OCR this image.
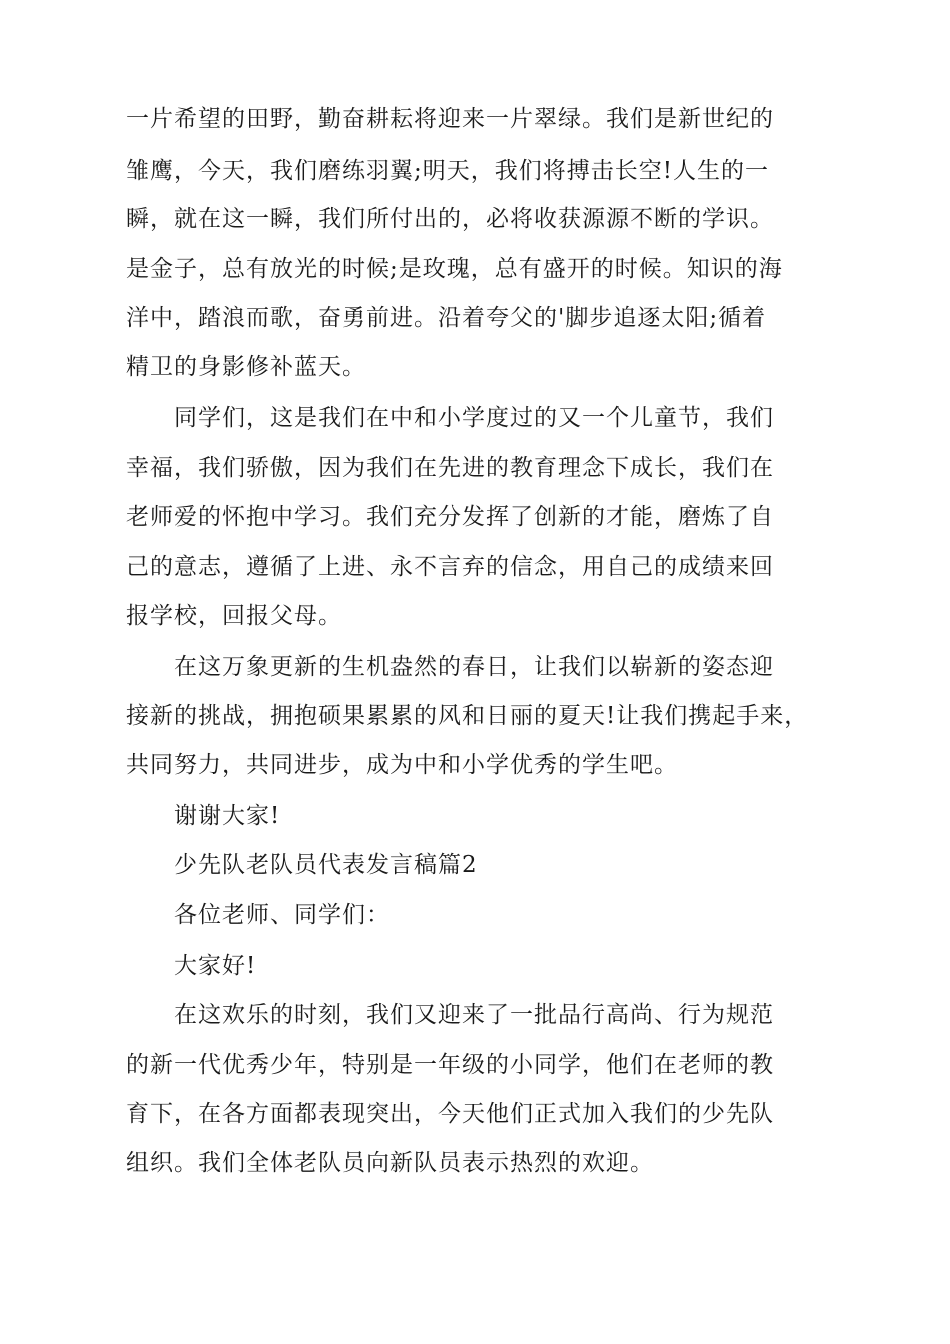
一片希望的田野，勤奋耕耘将迎来一片翠绿。我们是新世纪的
雏鹰，今天，我们磨练羽翼;明天，我们将搏击长空!人生的一
瞬，就在这一瞬，我们所付出的，必将收获源源不断的学识。
是金子，总有放光的时候;是玫瑰，总有盛开的时候。知识的海
洋中，踏浪而歌，奋勇前进。沿着夸父的'脚步追逐太阳;循着
精卫的身影修补蓝天。
同学们，这是我们在中和小学度过的又一个儿童节，我们
幸福，我们骄傲，因为我们在先进的教育理念下成长，我们在
老师爱的怀抱中学习。我们充分发挥了创新的才能，磨炼了自
己的意志，遵循了上进、永不言弃的信念，用自己的成绩来回
报学校，回报父母。
在这万象更新的生机盎然的春日，让我们以崭新的姿态迎
接新的挑战，拥抱硕果累累的风和日丽的夏天!让我们携起手来，
共同努力，共同进步，成为中和小学优秀的学生吧。
谢谢大家!
少先队老队员代表发言稿篇2
各位老师、同学们：
大家好!
在这欢乐的时刻，我们又迎来了一批品行高尚、行为规范
的新一代优秀少年，特别是一年级的小同学，他们在老师的教
育下，在各方面都表现突出，今天他们正式加入我们的少先队
组织。我们全体老队员向新队员表示热烈的欢迎。
